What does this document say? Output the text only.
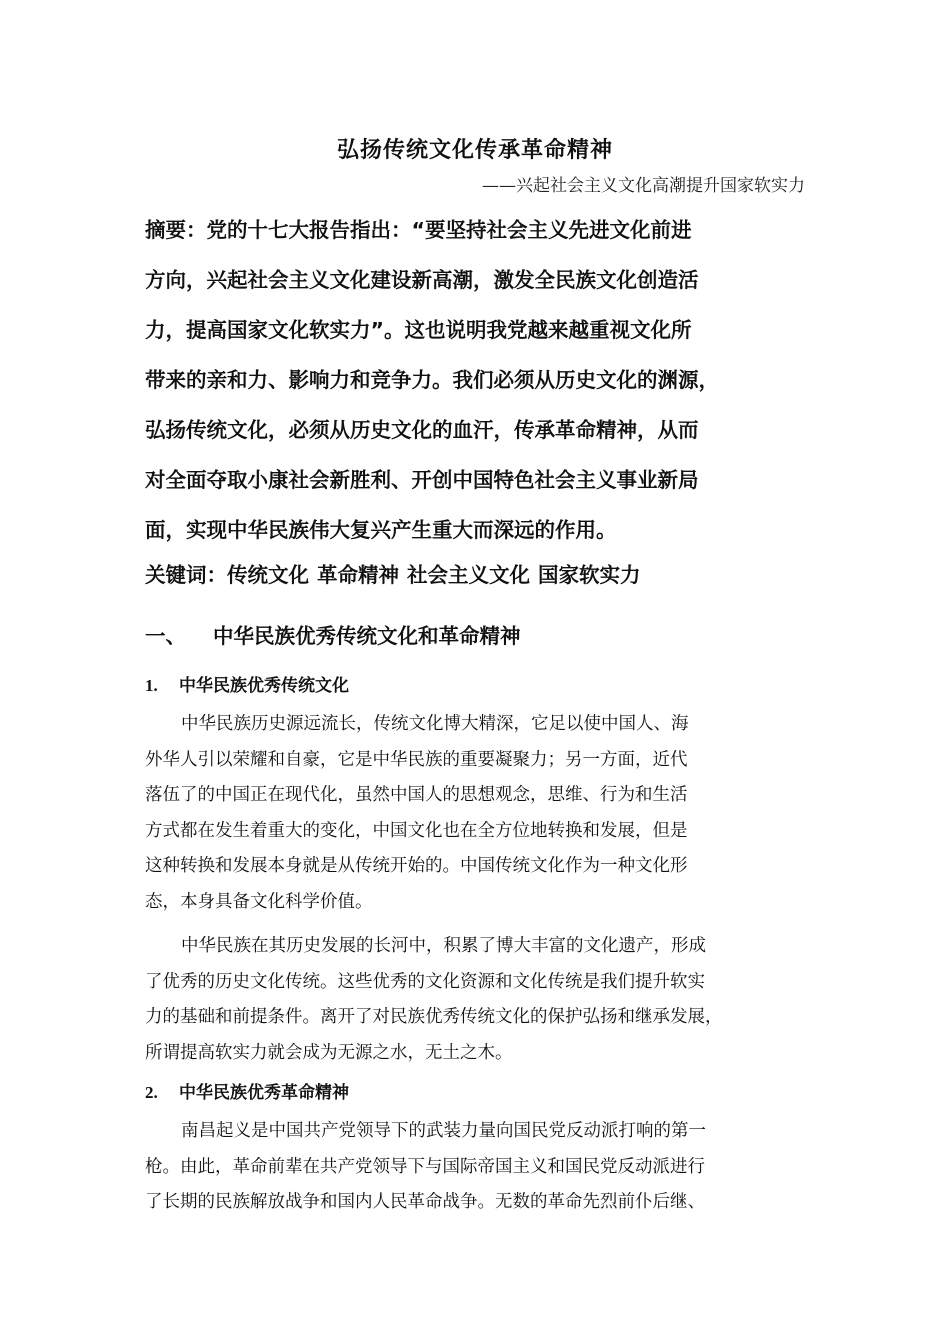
弘扬传统文化传承革命精神
——兴起社会主义文化高潮提升国家软实力
摘要：党的十七大报告指出：“要坚持社会主义先进文化前进
方向，兴起社会主义文化建设新高潮，激发全民族文化创造活
力，提高国家文化软实力”。这也说明我党越来越重视文化所
带来的亲和力、影响力和竞争力。我们必须从历史文化的渊源，
弘扬传统文化，必须从历史文化的血汗，传承革命精神，从而
对全面夺取小康社会新胜利、开创中国特色社会主义事业新局
面，实现中华民族伟大复兴产生重大而深远的作用。
关键词：传统文化 革命精神 社会主义文化 国家软实力
一、 中华民族优秀传统文化和革命精神
1. 中华民族优秀传统文化
中华民族历史源远流长，传统文化博大精深，它足以使中国人、海
外华人引以荣耀和自豪，它是中华民族的重要凝聚力；另一方面，近代
落伍了的中国正在现代化，虽然中国人的思想观念，思维、行为和生活
方式都在发生着重大的变化，中国文化也在全方位地转换和发展，但是
这种转换和发展本身就是从传统开始的。中国传统文化作为一种文化形
态，本身具备文化科学价值。
中华民族在其历史发展的长河中，积累了博大丰富的文化遗产，形成
了优秀的历史文化传统。这些优秀的文化资源和文化传统是我们提升软实
力的基础和前提条件。离开了对民族优秀传统文化的保护弘扬和继承发展，
所谓提高软实力就会成为无源之水，无土之木。
2. 中华民族优秀革命精神
南昌起义是中国共产党领导下的武装力量向国民党反动派打响的第一
枪。由此，革命前辈在共产党领导下与国际帝国主义和国民党反动派进行
了长期的民族解放战争和国内人民革命战争。无数的革命先烈前仆后继、
